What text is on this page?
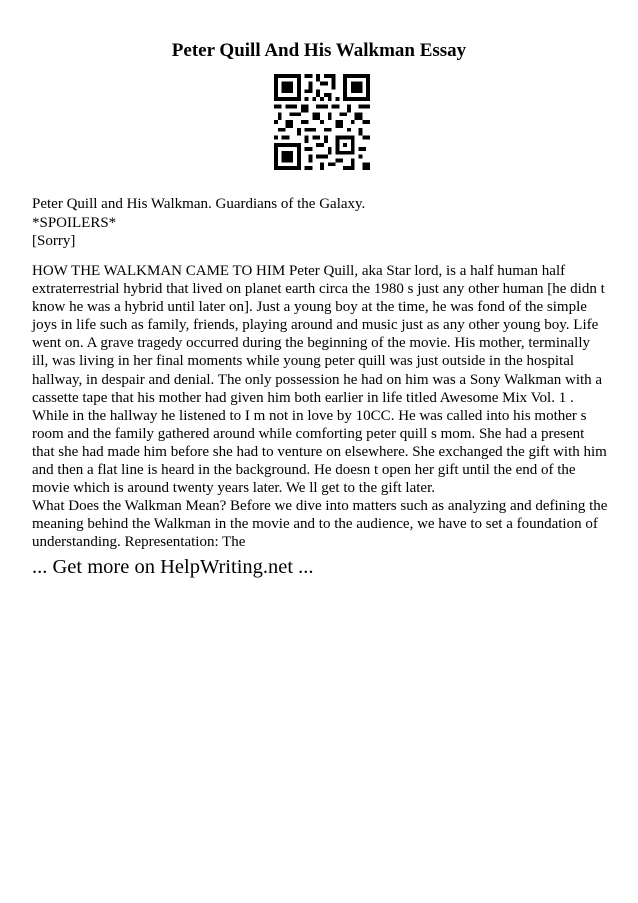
Peter Quill And His Walkman Essay
Peter Quill and His Walkman. Guardians of the Galaxy.
*SPOILERS*
[Sorry]

HOW THE WALKMAN CAME TO HIM Peter Quill, aka Star lord, is a half human half extraterrestrial hybrid that lived on planet earth circa the 1980 s just any other human [he didn t know he was a hybrid until later on]. Just a young boy at the time, he was fond of the simple joys in life such as family, friends, playing around and music just as any other young boy. Life went on. A grave tragedy occurred during the beginning of the movie. His mother, terminally ill, was living in her final moments while young peter quill was just outside in the hospital hallway, in despair and denial. The only possession he had on him was a Sony Walkman with a cassette tape that his mother had given him both earlier in life titled Awesome Mix Vol. 1 . While in the hallway he listened to I m not in love by 10CC. He was called into his mother s room and the family gathered around while comforting peter quill s mom. She had a present that she had made him before she had to venture on elsewhere. She exchanged the gift with him and then a flat line is heard in the background. He doesn t open her gift until the end of the movie which is around twenty years later. We ll get to the gift later.

What Does the Walkman Mean? Before we dive into matters such as analyzing and defining the meaning behind the Walkman in the movie and to the audience, we have to set a foundation of understanding. Representation: The

... Get more on HelpWriting.net ...
